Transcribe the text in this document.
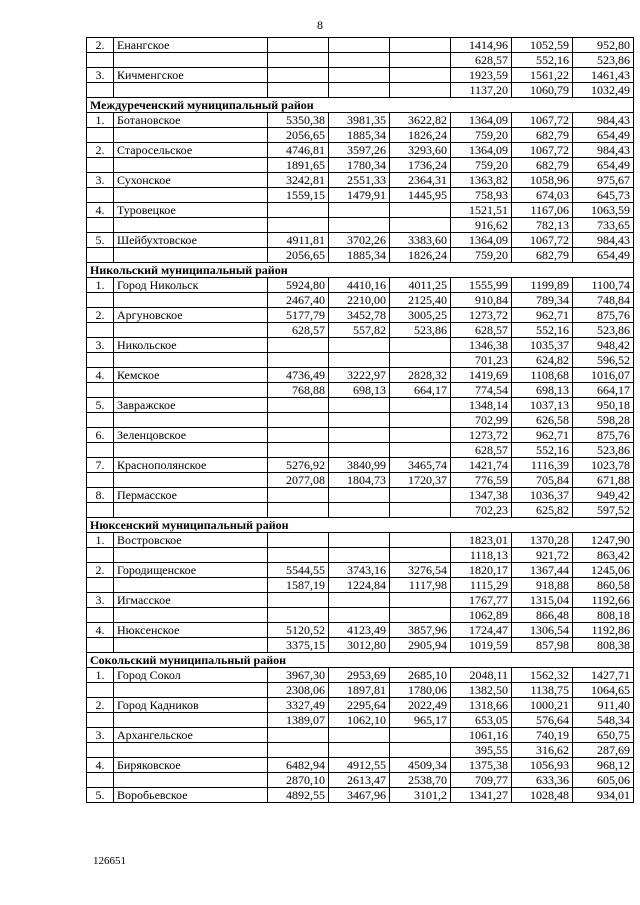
8
2.	Енангское				1414,96	1052,59	952,80
					628,57	552,16	523,86
3.	Кичменгское				1923,59	1561,22	1461,43
					1137,20	1060,79	1032,49
Междуреченский муниципальный район							
1.	Ботановское	5350,38	3981,35	3622,82	1364,09	1067,72	984,43
		2056,65	1885,34	1826,24	759,20	682,79	654,49
2.	Старосельское	4746,81	3597,26	3293,60	1364,09	1067,72	984,43
		1891,65	1780,34	1736,24	759,20	682,79	654,49
3.	Сухонское	3242,81	2551,33	2364,31	1363,82	1058,96	975,67
		1559,15	1479,91	1445,95	758,93	674,03	645,73
4.	Туровецкое				1521,51	1167,06	1063,59
					916,62	782,13	733,65
5.	Шейбухтовское	4911,81	3702,26	3383,60	1364,09	1067,72	984,43
		2056,65	1885,34	1826,24	759,20	682,79	654,49
Никольский муниципальный район							
1.	Город Никольск	5924,80	4410,16	4011,25	1555,99	1199,89	1100,74
		2467,40	2210,00	2125,40	910,84	789,34	748,84
2.	Аргуновское	5177,79	3452,78	3005,25	1273,72	962,71	875,76
		628,57	557,82	523,86	628,57	552,16	523,86
3.	Никольское				1346,38	1035,37	948,42
					701,23	624,82	596,52
4.	Кемское	4736,49	3222,97	2828,32	1419,69	1108,68	1016,07
		768,88	698,13	664,17	774,54	698,13	664,17
5.	Завражское				1348,14	1037,13	950,18
					702,99	626,58	598,28
6.	Зеленцовское				1273,72	962,71	875,76
					628,57	552,16	523,86
7.	Краснополянское	5276,92	3840,99	3465,74	1421,74	1116,39	1023,78
		2077,08	1804,73	1720,37	776,59	705,84	671,88
8.	Пермасское				1347,38	1036,37	949,42
					702,23	625,82	597,52
Нюксенский муниципальный район							
1.	Востровское				1823,01	1370,28	1247,90
					1118,13	921,72	863,42
2.	Городищенское	5544,55	3743,16	3276,54	1820,17	1367,44	1245,06
		1587,19	1224,84	1117,98	1115,29	918,88	860,58
3.	Игмасское				1767,77	1315,04	1192,66
					1062,89	866,48	808,18
4.	Нюксенское	5120,52	4123,49	3857,96	1724,47	1306,54	1192,86
		3375,15	3012,80	2905,94	1019,59	857,98	808,38
Сокольский муниципальный район							
1.	Город Сокол	3967,30	2953,69	2685,10	2048,11	1562,32	1427,71
		2308,06	1897,81	1780,06	1382,50	1138,75	1064,65
2.	Город Кадников	3327,49	2295,64	2022,49	1318,66	1000,21	911,40
		1389,07	1062,10	965,17	653,05	576,64	548,34
3.	Архангельское				1061,16	740,19	650,75
					395,55	316,62	287,69
4.	Биряковское	6482,94	4912,55	4509,34	1375,38	1056,93	968,12
		2870,10	2613,47	2538,70	709,77	633,36	605,06
5.	Воробьевское	4892,55	3467,96	3101,2	1341,27	1028,48	934,01
126651
